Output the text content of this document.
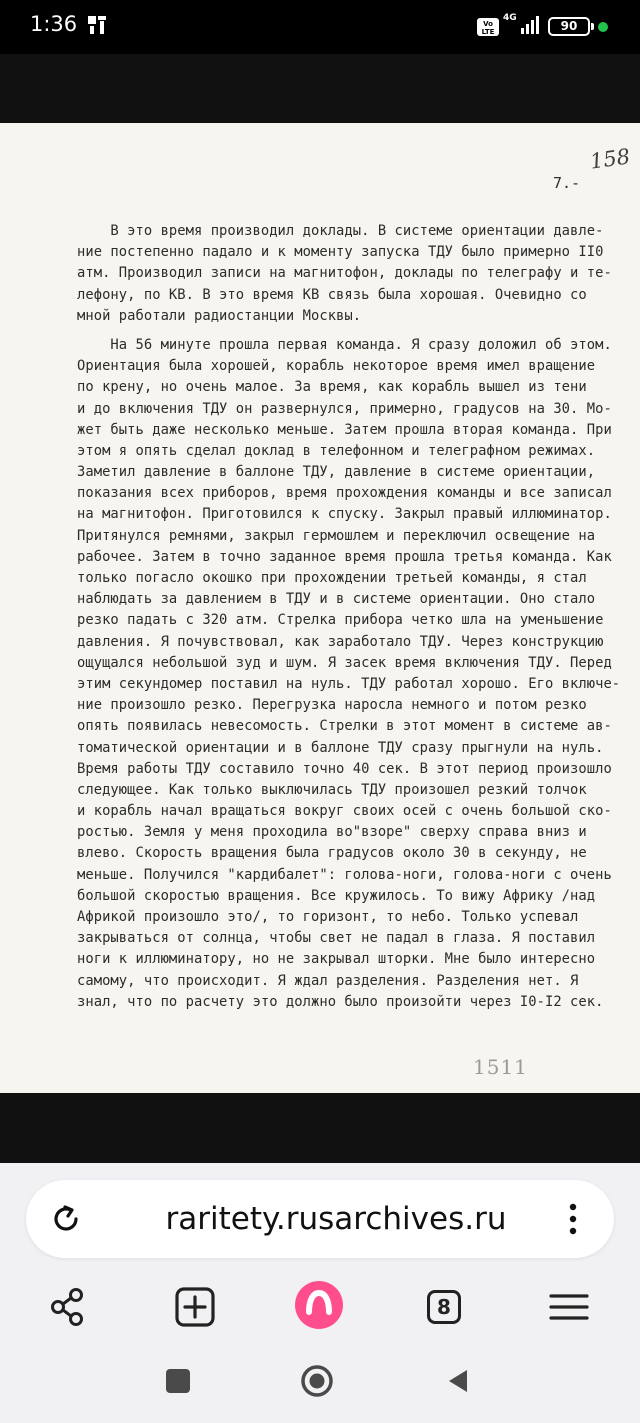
1:36	Vo
LTE
4G
90
158
7.-
В это время производил доклады. В системе ориентации давле-
ние постепенно падало и к моменту запуска ТДУ было примерно II0
атм. Производил записи на магнитофон, доклады по телеграфу и те-
лефону, по КВ. В это время КВ связь была хорошая. Очевидно со
мной работали радиостанции Москвы.
На 56 минуте прошла первая команда. Я сразу доложил об этом.
Ориентация была хорошей, корабль некоторое время имел вращение
по крену, но очень малое. За время, как корабль вышел из тени
и до включения ТДУ он развернулся, примерно, градусов на 30. Мо-
жет быть даже несколько меньше. Затем прошла вторая команда. При
этом я опять сделал доклад в телефонном и телеграфном режимах.
Заметил давление в баллоне ТДУ, давление в системе ориентации,
показания всех приборов, время прохождения команды и все записал
на магнитофон. Приготовился к спуску. Закрыл правый иллюминатор.
Притянулся ремнями, закрыл гермошлем и переключил освещение на
рабочее. Затем в точно заданное время прошла третья команда. Как
только погасло окошко при прохождении третьей команды, я стал
наблюдать за давлением в ТДУ и в системе ориентации. Оно стало
резко падать с 320 атм. Стрелка прибора четко шла на уменьшение
давления. Я почувствовал, как заработало ТДУ. Через конструкцию
ощущался небольшой зуд и шум. Я засек время включения ТДУ. Перед
этим секундомер поставил на нуль. ТДУ работал хорошо. Его включе-
ние произошло резко. Перегрузка наросла немного и потом резко
опять появилась невесомость. Стрелки в этот момент в системе ав-
томатической ориентации и в баллоне ТДУ сразу прыгнули на нуль.
Время работы ТДУ составило точно 40 сек. В этот период произошло
следующее. Как только выключилась ТДУ произошел резкий толчок
и корабль начал вращаться вокруг своих осей с очень большой ско-
ростью. Земля у меня проходила во"взоре" сверху справа вниз и
влево. Скорость вращения была градусов около 30 в секунду, не
меньше. Получился "кардибалет": голова-ноги, голова-ноги с очень
большой скоростью вращения. Все кружилось. То вижу Африку /над
Африкой произошло это/, то горизонт, то небо. Только успевал
закрываться от солнца, чтобы свет не падал в глаза. Я поставил
ноги к иллюминатору, но не закрывал шторки. Мне было интересно
самому, что происходит. Я ждал разделения. Разделения нет. Я
знал, что по расчету это должно было произойти через I0-I2 сек.
1511
raritety.rusarchives.ru
8
